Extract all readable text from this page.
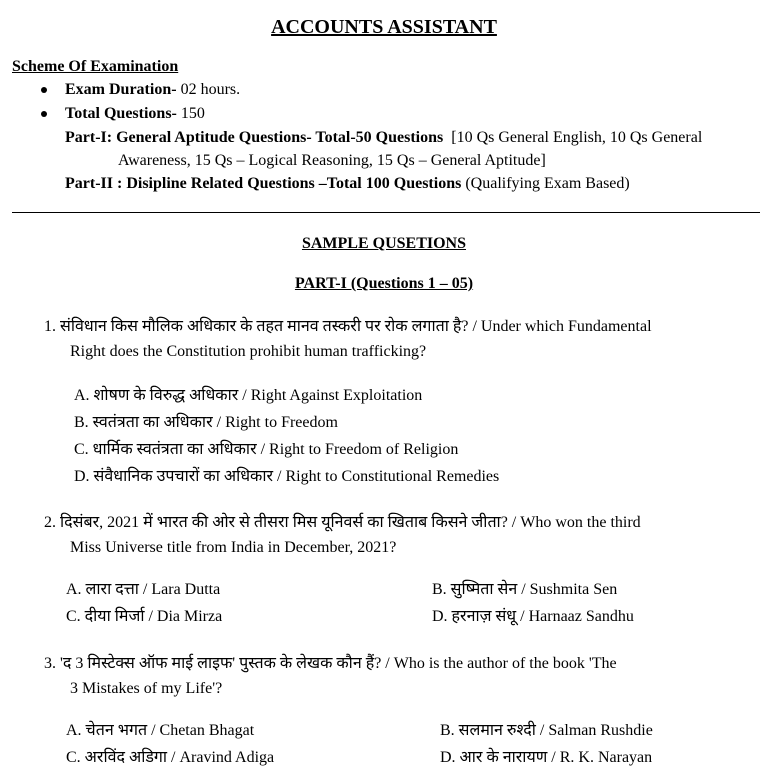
ACCOUNTS ASSISTANT
Scheme Of Examination
Exam Duration- 02 hours.
Total Questions- 150
Part-I: General Aptitude Questions- Total-50 Questions [10 Qs General English, 10 Qs General
Awareness, 15 Qs – Logical Reasoning, 15 Qs – General Aptitude]
Part-II : Disipline Related Questions –Total 100 Questions (Qualifying Exam Based)
SAMPLE QUSETIONS
PART-I (Questions 1 – 05)
1. संविधान किस मौलिक अधिकार के तहत मानव तस्करी पर रोक लगाता है? / Under which Fundamental
Right does the Constitution prohibit human trafficking?
A. शोषण के विरुद्ध अधिकार / Right Against Exploitation
B. स्वतंत्रता का अधिकार / Right to Freedom
C. धार्मिक स्वतंत्रता का अधिकार / Right to Freedom of Religion
D. संवैधानिक उपचारों का अधिकार / Right to Constitutional Remedies
2. दिसंबर, 2021 में भारत की ओर से तीसरा मिस यूनिवर्स का खिताब किसने जीता? / Who won the third
Miss Universe title from India in December, 2021?
A. लारा दत्ता / Lara Dutta	B. सुष्मिता सेन / Sushmita Sen
C. दीया मिर्जा / Dia Mirza	D. हरनाज़ संधू / Harnaaz Sandhu
3. 'द 3 मिस्टेक्स ऑफ माई लाइफ' पुस्तक के लेखक कौन हैं? / Who is the author of the book 'The
3 Mistakes of my Life'?
A. चेतन भगत / Chetan Bhagat	B. सलमान रुश्दी / Salman Rushdie
C. अरविंद अडिगा / Aravind Adiga	D. आर के नारायण / R. K. Narayan
